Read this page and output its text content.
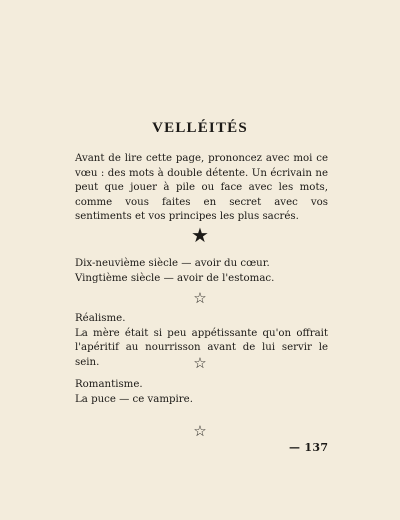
VELLÉITÉS
Avant de lire cette page, prononcez avec moi ce vœu : des mots à double détente. Un écrivain ne peut que jouer à pile ou face avec les mots, comme vous faites en secret avec vos sentiments et vos principes les plus sacrés.
★
Dix-neuvième siècle — avoir du cœur.
Vingtième siècle — avoir de l'estomac.
☆
Réalisme.
La mère était si peu appétissante qu'on offrait l'apéritif au nourrisson avant de lui servir le sein.	☆
Romantisme.
La puce — ce vampire.
☆
— 137
